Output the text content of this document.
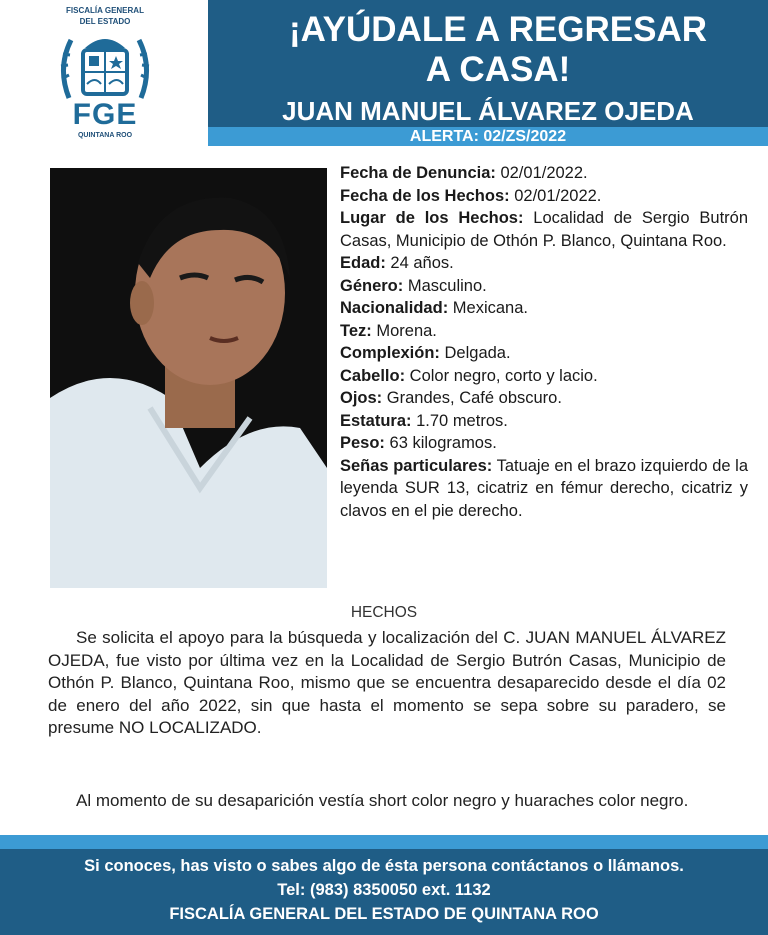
FISCALÍA GENERAL
DEL ESTADO
FGE
QUINTANA ROO
¡AYÚDALE A REGRESAR
A CASA!
JUAN MANUEL ÁLVAREZ OJEDA
ALERTA: 02/ZS/2022
Fecha de Denuncia: 02/01/2022.
Fecha de los Hechos: 02/01/2022.
Lugar de los Hechos: Localidad de Sergio Butrón Casas, Municipio de Othón P. Blanco, Quintana Roo.
Edad: 24 años.
Género: Masculino.
Nacionalidad: Mexicana.
Tez: Morena.
Complexión: Delgada.
Cabello: Color negro, corto y lacio.
Ojos: Grandes, Café obscuro.
Estatura: 1.70 metros.
Peso: 63 kilogramos.
Señas particulares: Tatuaje en el brazo izquierdo de la leyenda SUR 13, cicatriz en fémur derecho, cicatriz y clavos en el pie derecho.
HECHOS
Se solicita el apoyo para la búsqueda y localización del C. JUAN MANUEL ÁLVAREZ OJEDA, fue visto por última vez en la Localidad de Sergio Butrón Casas, Municipio de Othón P. Blanco, Quintana Roo, mismo que se encuentra desaparecido desde el día 02 de enero del año 2022, sin que hasta el momento se sepa sobre su paradero, se presume NO LOCALIZADO.
Al momento de su desaparición vestía short color negro y huaraches color negro.
Si conoces, has visto o sabes algo de ésta persona contáctanos o llámanos.
Tel: (983) 8350050 ext. 1132
FISCALÍA GENERAL DEL ESTADO DE QUINTANA ROO
